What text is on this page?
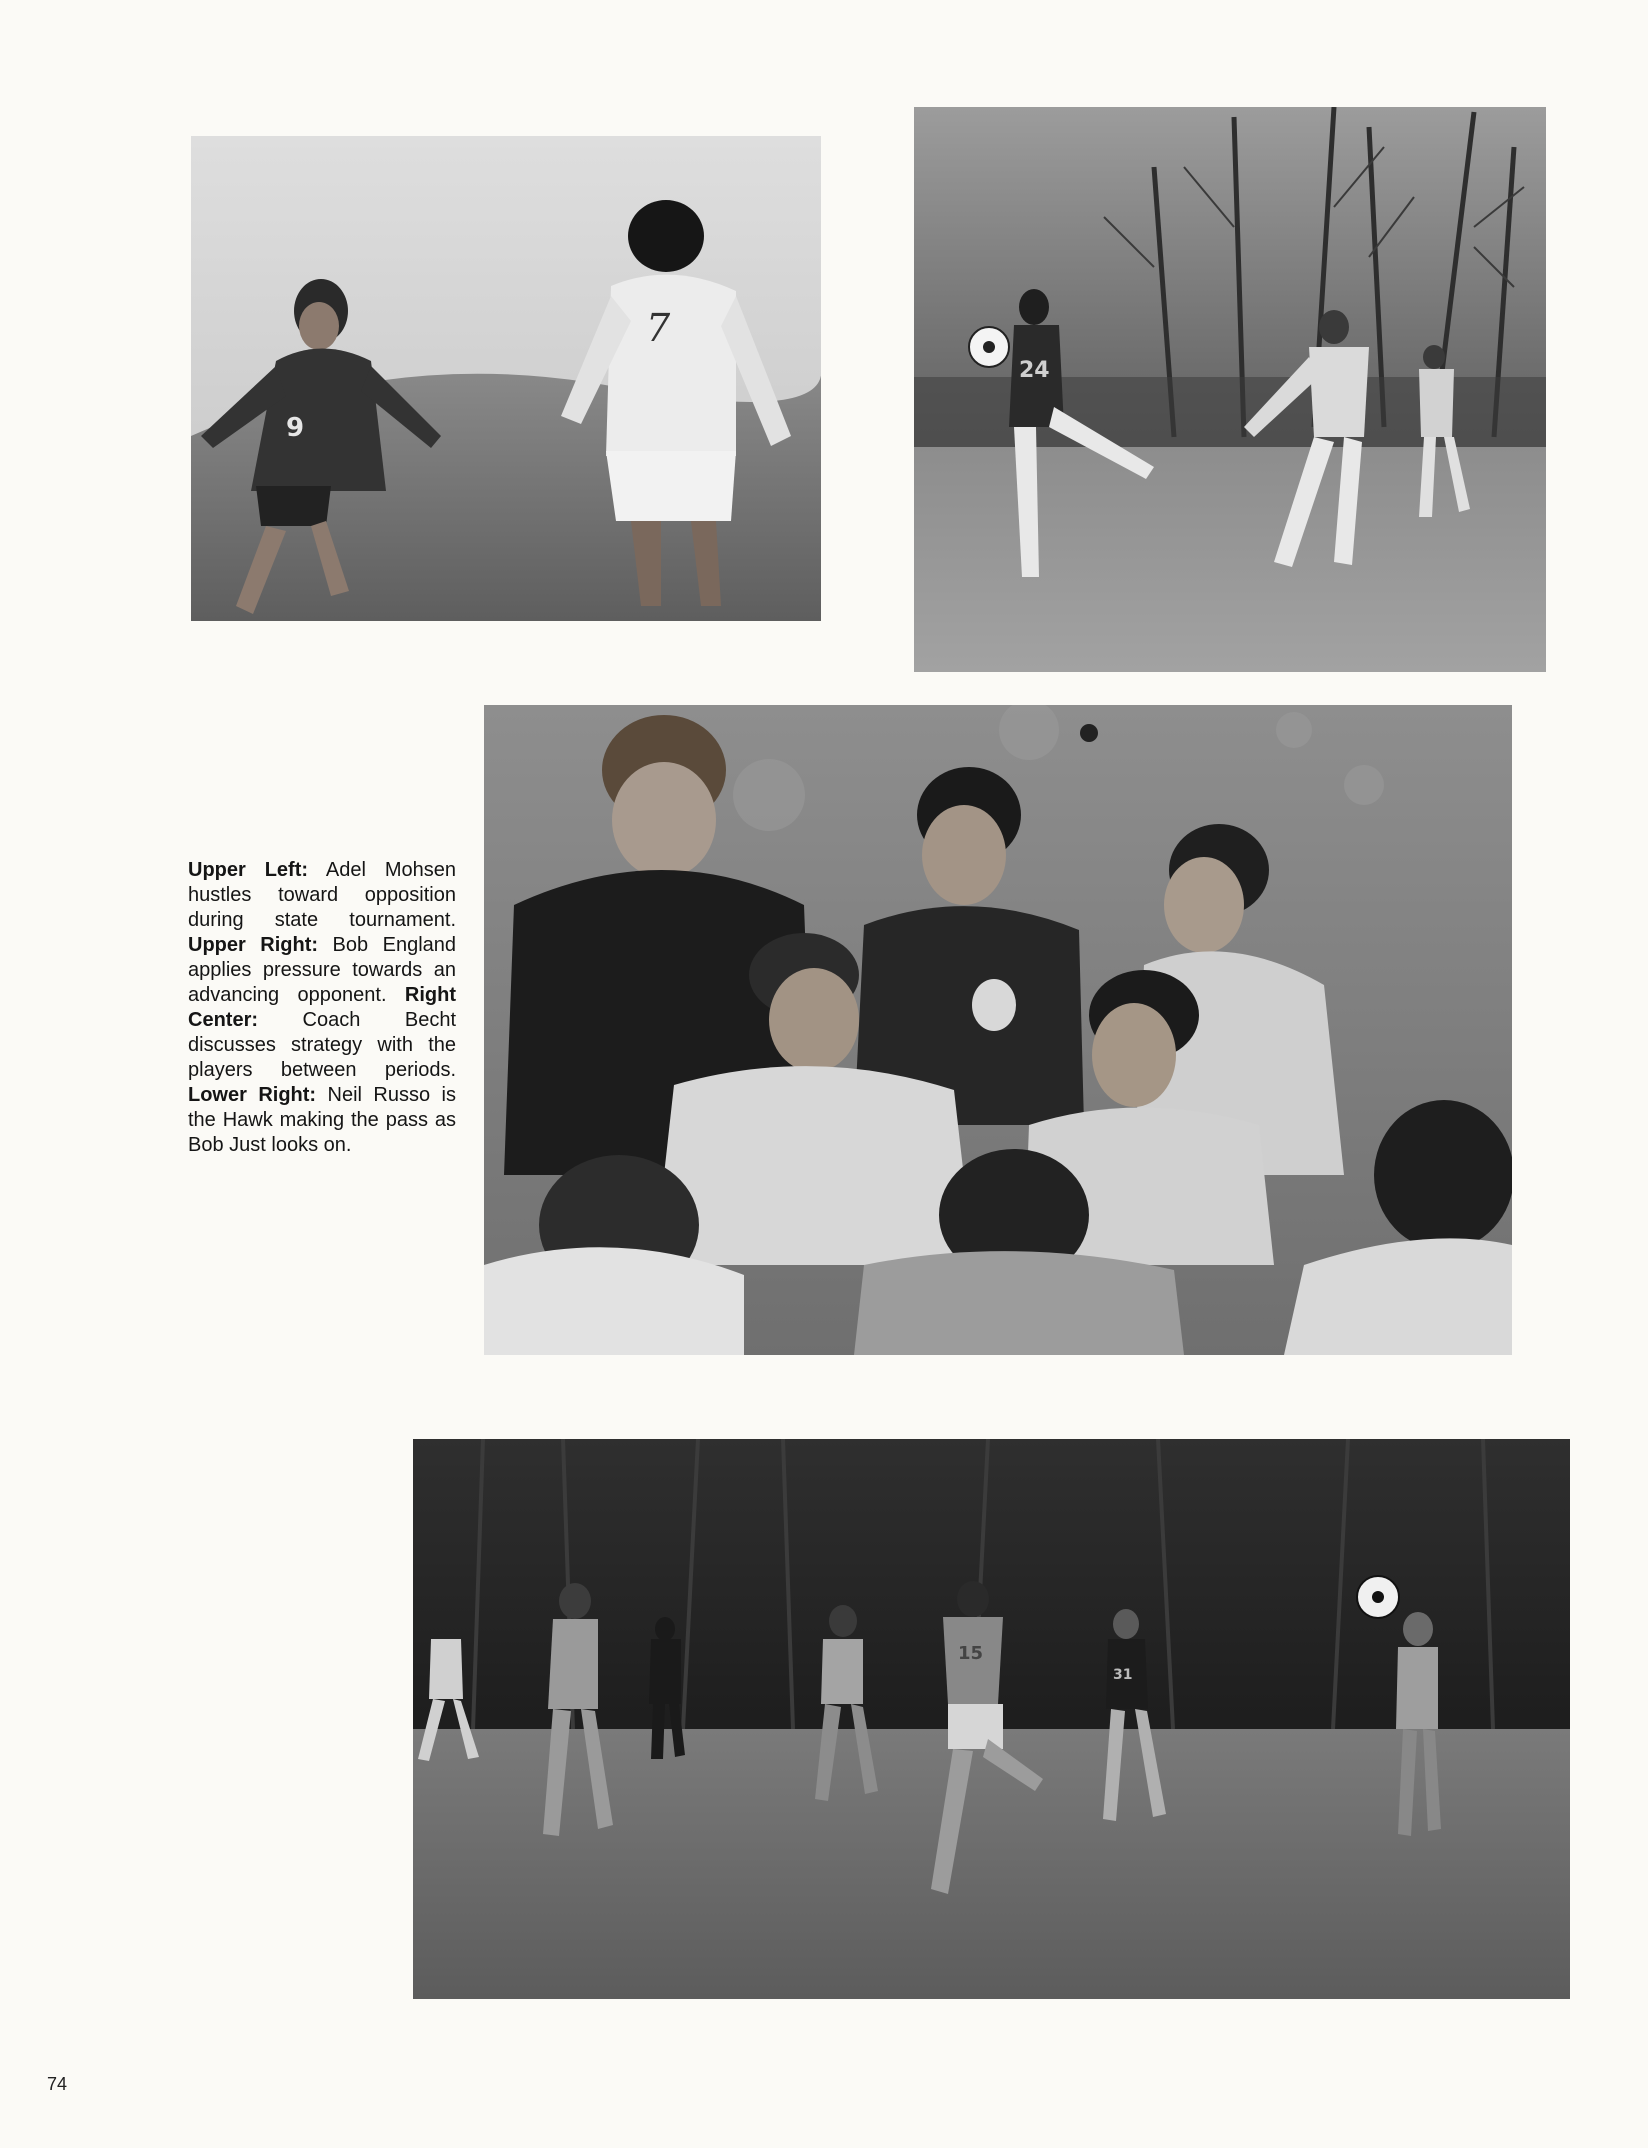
9
7
24
15
31
Upper Left: Adel Mohsen hustles toward opposition during state tournament. Upper Right: Bob England applies pressure towards an advancing opponent. Right Center: Coach Becht discusses strategy with the players between periods. Lower Right: Neil Russo is the Hawk making the pass as Bob Just looks on.
74
